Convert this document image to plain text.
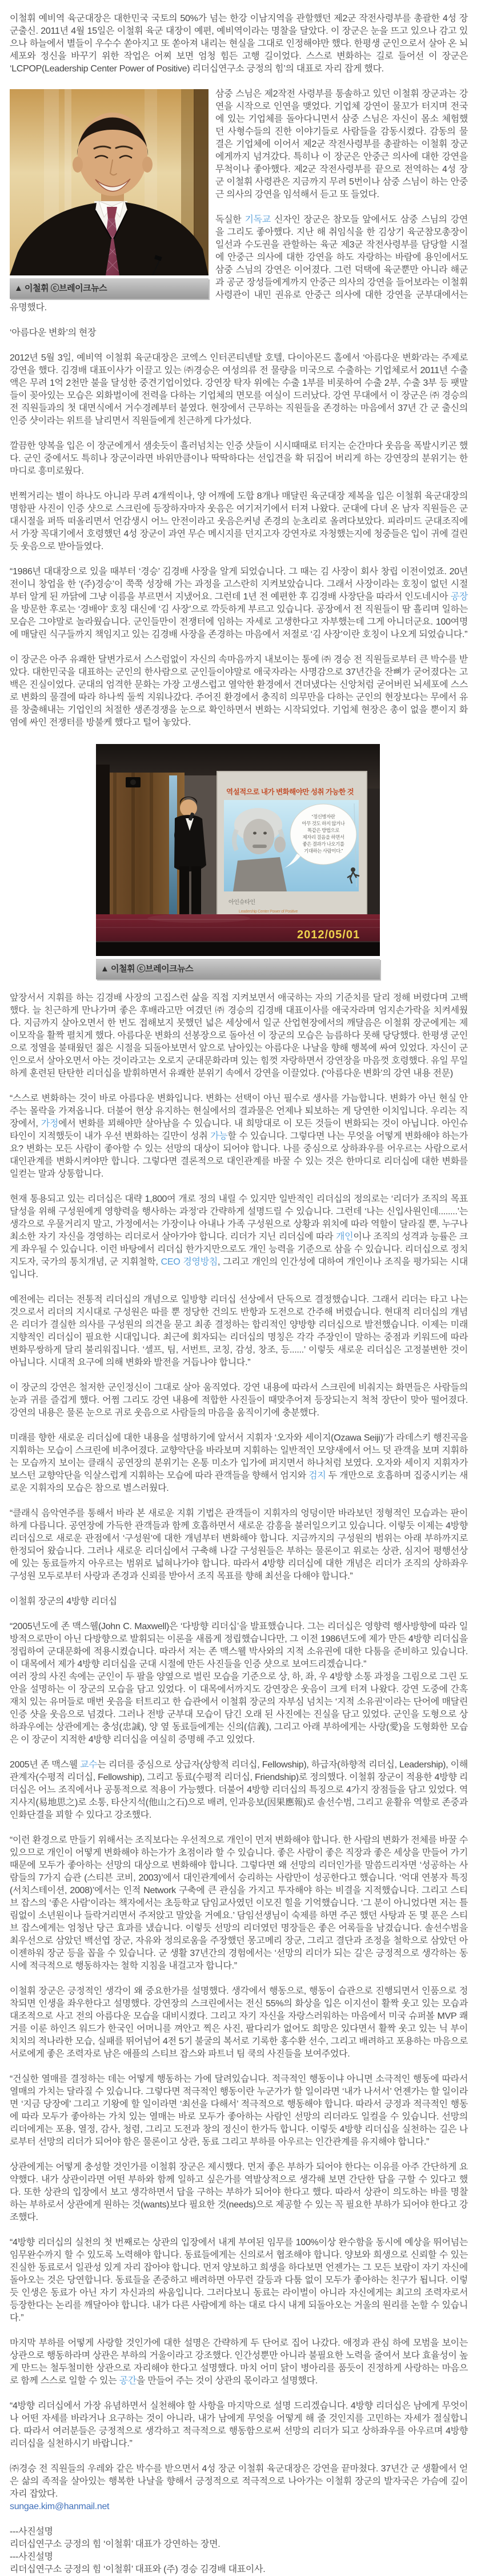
이철휘 예비역 육군대장은 대한민국 국토의 50%가 넘는 한강 이남지역을 관할했던 제2군 작전사령부를 총괄한 4성 장군출신. 2011년 4월 15일은 이철휘 육군 대장이 예편, 예비역이라는 명찰을 달았다. 이 장군은 눈을 뜨고 있으나 감고 있으나 하늘에서 별들이 우수수 쏟아지고 또 쏟아져 내리는 현실을 그대로 인정해야만 했다. 한평생 군인으로서 살아 온 뇌세포와 정신을 바꾸기 위한 작업은 어찌 보면 엄청 힘든 고행 길이었다. 스스로 변화하는 길로 들어선 이 장군은 ‘LCPOP(Leadership Center Power of Positive) 리더십연구소 긍정의 힘’의 대표로 자리 잡게 했다.

▲ 이철휘 ⓒ브레이크뉴스

삼중 스님은 제2작전 사령부를 통솔하고 있던 이철휘 장군과는 강연을 시작으로 인연을 맺었다. 기업체 강연이 물꼬가 터지며 전국에 있는 기업체를 돌아다니면서 삼중 스님은 자신이 몸소 체험했던 사형수들의 진한 이야기들로 사람들을 감동시켰다. 감동의 물결은 기업체에 이어서 제2군 작전사령부를 총괄하는 이철휘 장군에게까지 넘겨갔다. 특히나 이 장군은 안중근 의사에 대한 강연을 무척이나 좋아했다. 제2군 작전사령부를 끝으로 전역하는 4성 장군 이철휘 사령관은 지금까지 무려 5번이나 삼중 스님이 하는 안중근 의사의 강연을 임석해서 듣고 또 들었다.

독실한 기독교 신자인 장군은 참모들 앞에서도 삼중 스님의 강연을 그리도 좋아했다. 지난 해 취임식을 한 김상기 육군참모총장이 일선과 수도권을 관할하는 육군 제3군 작전사령부를 담당할 시절에 안중근 의사에 대한 강연을 하도 자랑하는 바람에 용인에서도 삼중 스님의 강연은 이어졌다. 그런 덕택에 육군뿐만 아니라 해군과 공군 장성들에게까지 안중근 의사의 강연을 들어보라는 이철휘 사령관이 내민 권유로 안중근 의사에 대한 강연을 군부대에서는 유명했다.

‘아름다운 변화’의 현장

2012년 5월 3일, 예비역 이철휘 육군대장은 코엑스 인터콘티넨탈 호텔, 다이아몬드 홀에서 ‘아름다운 변화’라는 주제로 강연을 했다. 김경배 대표이사가 이끌고 있는 ㈜경승은 여성의류 전 물량을 미국으로 수출하는 기업체로서 2011년 수출액은 무려 1억 2천만 불을 달성한 중견기업이었다. 강연장 탁자 위에는 수출 1부를 비롯하여 수출 2부, 수출 3부 등 팻말들이 꽂아있는 모습은 외화벌이에 전력을 다하는 기업체의 면모를 여실이 드러났다. 강연 무대에서 이 장군은 ㈜ 경승의 전 직원들과의 첫 대면식에서 거수경례부터 붙였다. 현장에서 근무하는 직원들을 존경하는 마음에서 37년 간 군 출신의 인증 샷이라는 위트를 날리면서 직원들에게 친근하게 다가섰다.

깔끔한 양복을 입은 이 장군에게서 샘솟듯이 흘러넘치는 인증 샷들이 시시때때로 터지는 순간마다 웃음을 폭발시키곤 했다. 군인 중에서도 특히나 장군이라면 바위만큼이나 딱딱하다는 선입견을 확 뒤집어 버리게 하는 강연장의 분위기는 한마디로 흥미로웠다.

번쩍거리는 별이 하나도 아니라 무려 4개씩이나, 양 어깨에 도합 8개나 매달린 육군대장 제복을 입은 이철휘 육군대장의 명함판 사진이 인증 샷으로 스크린에 등장하자마자 웃음은 여기저기에서 터져 나왔다. 군대에 다녀 온 남자 직원들은 군대시절을 퍼뜩 떠올리면서 언감생시 어느 안전이라고 웃음은커녕 존경의 눈초리로 올려다보았다. 피라미드 군대조직에서 가장 꼭대기에서 호령했던 4성 장군이 과연 무슨 메시지를 던지고자 강연자로 자청했는지에 청중들은 입이 귀에 걸린 듯 웃음으로 받아들였다.

“1986년 대대장으로 있을 때부터 ‘경승’ 김경배 사장을 알게 되었습니다. 그 때는 김 사장이 회사 창립 이전이었죠. 20년 전이니 창업을 한 ‘(주)경승’이 쭉쭉 성장해 가는 과정을 고스란히 지켜보았습니다. 그래서 사장이라는 호칭이 없던 시절부터 알게 된 까닭에 그냥 이름을 부르면서 지냈어요. 그런데 1년 전 예편한 후 김경배 사장단을 따라서 인도네시아 공장을 방문한 후로는 ‘경배야’ 호칭 대신에 ‘김 사장’으로 깍듯하게 부르고 있습니다. 공장에서 전 직원들이 땀 흘리며 일하는 모습은 그야말로 놀라웠습니다. 군인들만이 전쟁터에 임하는 자세로 고생한다고 자부했는데 그게 아니더군요. 100여명에 매달린 식구들까지 책임지고 있는 김경배 사장을 존경하는 마음에서 저절로 ‘김 사장’이란 호칭이 나오게 되었습니다.”

이 장군은 아주 유쾌한 달변가로서 스스럼없이 자신의 속마음까지 내보이는 통에 ㈜ 경승 전 직원들로부터 큰 박수를 받았다. 대한민국을 대표하는 군인의 한사람으로 군인들이야말로 애국자라는 사명감으로 37년간을 잔뼈가 굳어졌다는 고백은 진실이었다. 군대의 엄격한 문화는 가장 고생스럽고 열악한 환경에서 견뎌냈다는 신앙처럼 굳어버린 뇌세포에 스스로 변화의 물결에 따라 하나씩 둘씩 지워나갔다. 주어진 환경에서 충직히 의무만을 다하는 군인의 현장보다는 무에서 유를 창출해내는 기업인의 처절한 생존경쟁을 눈으로 확인하면서 변화는 시작되었다. 기업체 현장은 총이 없을 뿐이지 화염에 싸인 전쟁터를 방불케 했다고 털어 놓았다.

역설적으로 내가 변화해야만 성취 가능한 것
“정신병자란
아무 것도 하지 않거나
똑같은 방법으로
제자리 걸음을 하면서
좋은 결과가 나오기를
기대하는 사람이다.”
아인슈타인
Leadership Center Power of Positive
2012/05/01
▲ 이철휘 ⓒ브레이크뉴스

앞장서서 지휘를 하는 김경배 사장의 고집스런 삶을 직접 지켜보면서 애국하는 자의 기준치를 달리 정해 버렸다며 고백했다. 늘 친근하게 만나가며 좋은 후배라고만 여겼던 ㈜ 경승의 김경배 대표이사를 애국자라며 엄지손가락을 치켜세웠다. 지금까지 살아오면서 한 번도 접해보지 못했던 넓은 세상에서 일군 산업현장에서의 깨달음은 이철휘 장군에게는 제 이모작을 활짝 펼치게 했다. 아름다운 변화의 선봉장으로 돌아선 이 장군의 모습은 늠름하다 못해 당당했다. 한평생 군인으로 정열을 불태웠던 젊은 시절을 되돌아보면서 앞으로 남아있는 아름다운 나날을 향해 행복에 싸여 있었다. 자신이 군인으로서 살아오면서 아는 것이라고는 오로지 군대문화라며 있는 힘껏 자랑하면서 강연장을 마음껏 호령했다. 유일 무일하게 훈련된 탄탄한 리더십을 발휘하면서 유쾌한 분위기 속에서 강연을 이끌었다. (‘아름다운 변화’의 강연 내용 전문)

“스스로 변화하는 것이 바로 아름다운 변화입니다. 변화는 선택이 아닌 필수로 생사를 가늠합니다. 변화가 아닌 현실 안주는 몰락을 가져옵니다. 더불어 현상 유지하는 현실에서의 결과물은 언제나 퇴보하는 게 당연한 이치입니다. 우리는 직장에서, 가정에서 변화를 꾀해야만 살아남을 수 있습니다. 내 희망대로 이 모든 것들이 변화되는 것이 아닙니다. 아인슈타인이 지적했듯이 내가 우선 변화하는 길만이 성취 가능할 수 있습니다. 그렇다면 나는 무엇을 어떻게 변화해야 하는가요? 변화는 모든 사람이 좋아할 수 있는 선망의 대상이 되어야 합니다. 나를 중심으로 상하좌우를 어우르는 사람으로서 대인관계를 변화시켜야만 합니다. 그렇다면 결론적으로 대인관계를 바꿀 수 있는 것은 한마디로 리더십에 대한 변화를 일컫는 말과 상통합니다.

현재 통용되고 있는 리더십은 대략 1,800여 개로 정의 내릴 수 있지만 일반적인 리더십의 정의로는 ‘리더가 조직의 목표달성을 위해 구성원에게 영향력을 행사하는 과정’라 간략하게 설명드릴 수 있습니다. 그런데 ‘나는 신입사원인데........’는 생각으로 우물거리지 말고, 가정에서는 가장이나 아내나 가족 구성원으로 상황과 위치에 따라 역할이 달라질 뿐, 누구나 최소한 자기 자신을 경영하는 리더로서 살아가야 합니다. 리더가 지닌 리더십에 따라 개인이나 조직의 성격과 능률은 크게 좌우될 수 있습니다. 이런 바탕에서 리더십 한가지만으로도 개인 능력을 기준으로 삼을 수 있습니다. 리더십으로 정치 지도자, 국가의 통치개념, 군 지휘철학, CEO 경영방침, 그리고 개인의 인간성에 대하여 개인이나 조직을 평가되는 시대입니다.

예전에는 리더는 전통적 리더십의 개념으로 일방향 리더십 선상에서 단독으로 결정했습니다. 그래서 리더는 타고 나는 것으로서 리더의 지시대로 구성원은 따를 뿐 정당한 건의도 반항과 도전으로 간주해 버렸습니다. 현대적 리더십의 개념은 리더가 결실한 의사를 구성원의 의견을 묻고 최종 결정하는 합리적인 양방향 리더십으로 발전했습니다. 이제는 미래지향적인 리더십이 필요한 시대입니다. 최근에 회자되는 리더십의 명칭은 각각 주장인이 말하는 중점과 키워드에 따라 변화무쌍하게 달리 불리워집니다. ‘셀프, 팀, 서번트, 코칭, 감성, 창조, 등......’ 이렇듯 새로운 리더십은 고정불변한 것이 아닙니다. 시대적 요구에 의해 변화와 발전을 거듭나야 합니다.”

이 장군의 강연은 철저한 군인정신이 그대로 살아 움직였다. 강연 내용에 따라서 스크린에 비춰지는 화면들은 사람들의 눈과 귀를 즐겁게 했다. 어쩜 그리도 강연 내용에 적합한 사진들이 때맞추어져 등장되는지 척척 장단이 맞아 떨어졌다. 강연의 내용은 물론 눈으로 귀로 웃음으로 사람들의 마음을 움직이기에 충분했다.

미래를 향한 새로운 리더십에 대한 내용을 설명하기에 앞서서 지휘자 ‘오자와 세이지(Ozawa Seiji)’가 라데스키 행진곡을 지휘하는 모습이 스크린에 비추어졌다. 교향악단을 바라보며 지휘하는 일반적인 모양새에서 어느 덧 관객을 보며 지휘하는 모습까지 보이는 클래식 공연장의 분위기는 온통 미소가 입가에 퍼지면서 하나처럼 보였다. 오자와 세이지 지휘자가 보스턴 교향악단을 익살스럽게 지휘하는 모습에 따라 관객들을 향해서 엄지와 검지 두 개만으로 호흡하며 집중시키는 새로운 지휘자의 모습은 참으로 별스러웠다.

“클래식 음악연주를 통해서 바라 본 새로운 지휘 기법은 관객들이 지휘자의 엉덩이만 바라보던 정형적인 모습과는 판이하게 다릅니다. 공연장에 가득한 관객들과 함께 호흡하면서 새로운 감흥을 불러일으키고 있습니다. 이렇듯 이제는 4방향 리더십으로 새로운 관점에서 ‘구성원’에 대한 개념부터 변화해야 합니다. 지금까지의 구성원의 범위는 아래 부하까지로 한정되어 왔습니다. 그러나 새로운 리더십에서 구축해 나갈 구성원들은 부하는 물론이고 위로는 상관, 심지어 평행선상에 있는 동료들까지 아우르는 범위로 넓혀나가야 합니다. 따라서 4방향 리더십에 대한 개념은 리더가 조직의 상하좌우 구성원 모두로부터 사랑과 존경과 신뢰를 받아서 조직 목표를 향해 최선을 다해야 합니다.”

이철휘 장군의 4방향 리더십

“2005년도에 존 맥스웰(John C. Maxwell)은 ‘다방향 리더십’을 발표했습니다. 그는 리더십은 영향력 행사방향에 따라 일방적으로만이 아닌 다방향으로 발휘되는 이론을 새롭게 정립했습니다만, 그 이전 1986년도에 제가 만든 4방향 리더십을 정립하여 군대문화에 적용시켰습니다. 따라서 저는 존 맥스웰 박사와의 지적 소유권에 대한 다툼을 준비하고 있습니다. 이 대목에서 제가 4방향 리더십을 군대 시절에 만든 사진들을 인증 샷으로 보여드리겠습니다.”
여러 장의 사진 속에는 군인이 두 팔을 양옆으로 벌린 모습을 기준으로 상, 하, 좌, 우 4방향 소통 과정을 그림으로 그린 도안을 설명하는 이 장군의 모습을 담고 있었다. 이 대목에서까지도 강연장은 웃음이 크게 터져 나왔다. 강연 도중에 간혹 재치 있는 유머들로 매번 웃음을 터트리고 한 습관에서 이철휘 장군의 자부심 넘치는 ‘지적 소유권’이라는 단어에 매달린 인증 샷을 웃음으로 넘겼다. 그러나 전방 군부대 모습이 담긴 오래 된 사진에는 진실을 담고 있었다. 군인을 도형으로 상하좌우에는 상관에게는 충성(忠誠), 양 옆 동료들에게는 신의(信義), 그리고 아래 부하에게는 사랑(愛)을 도형화한 모습은 이 장군이 지적한 4방향 리더십을 여실히 증명해 주고 있었다.

2005년 존 맥스웰 교수는 리더를 중심으로 상급자(상향적 리더십, Fellowship), 하급자(하향적 리더십, Leadership), 이해관계자(수평적 리더십, Fellowship), 그리고 동료(수평적 리더십, Friendship)로 정의했다. 이철휘 장군이 적용한 4방향 리더십은 어느 조직에서나 공통적으로 적용이 가능했다. 더불어 4방향 리더십의 특징으로 4가지 장점들을 담고 있었다. 역지사지(易地思之)로 소통, 타산지석(他山之石)으로 배려, 인과응보(因果應報)로 솔선수범, 그리고 윤활유 역할로 존중과 인화단결을 꾀할 수 있다고 강조했다.

“이런 환경으로 만들기 위해서는 조직보다는 우선적으로 개인이 먼저 변화해야 합니다. 한 사람의 변화가 전체를 바꿀 수 있으므로 개인이 어떻게 변화해야 하는가가 초점이라 할 수 있습니다. 좋은 사람이 좋은 직장과 좋은 세상을 만들어 가기 때문에 모두가 좋아하는 선망의 대상으로 변화해야 합니다. 그렇다면 왜 선망의 리더인가를 말씀드리자면 ‘성공하는 사람들의 7가지 습관 (스티븐 코비, 2003)’에서 대인관계에서 승리하는 사람만이 성공한다고 했습니다. ‘억대 연봉자 특징(서치스테이션, 2008)’에서는 인적 Network 구축에 큰 관심을 가지고 투자해야 하는 비결을 지적했습니다. 그리고 스티브 잡스의 ‘좋은 사람’이라는 책자에서는 초등학교 담임교사였던 이모진 힐을 기억했습니다. ‘그 분이 아니었다면 저는 틀림없이 소년원이나 들락거리면서 주저앉고 말았을 거예요.’ 담임선생님이 숙제를 하면 주곤 했던 사탕과 돈 몇 푼은 스티브 잡스에게는 엄청난 당근 효과를 냈습니다. 이렇듯 선망의 리더였던 명장들은 좋은 어록들을 남겼습니다. 솔선수범을 최우선으로 삼았던 백선엽 장군, 자유와 정의로움을 주장했던 몽고메리 장군, 그리고 결단과 조정을 철학으로 삼았던 아이젠하워 장군 등을 꼽을 수 있습니다. 군 생활 37년간의 경험에서는 ‘선망의 리더가 되는 길’은 긍정적으로 생각하는 동시에 적극적으로 행동하자는 철학 지침을 내걸고자 합니다.”

이철휘 장군은 긍정적인 생각이 왜 중요한가를 설명했다. 생각에서 행동으로, 행동이 습관으로 진행되면서 인품으로 정착되면 인생을 좌우한다고 설명했다. 강연장의 스크린에서는 전신 55%의 화상을 입은 이지선이 활짝 웃고 있는 모습과 대조적으로 사고 전의 아름다운 모습을 대비시켰다. 그리고 자기 자신을 자랑스러워하는 마음에서 미국 슈퍼볼 MVP 쾌거를 이룬 하인즈 워드가 한국인 어머니를 껴안고 찍은 사진, 팔다리가 없어도 희망은 있다면서 활짝 웃고 있는 닉 부이치치의 적나라한 모습, 실패를 뛰어넘어 4전 5기 불굴의 복서로 기록한 홍수환 선수, 그리고 배려하고 포용하는 마음으로 서로에게 좋은 조력자로 남은 애플의 스티브 잡스와 파트너 팀 쿡의 사진들을 보여주었다.

“건실한 열매를 결정하는 데는 어떻게 행동하는 가에 달려있습니다. 적극적인 행동이냐 아니면 소극적인 행동에 따라서 열매의 가치는 달라질 수 있습니다. 그렇다면 적극적인 행동이란 누군가가 할 일이라면 ‘내가 나서서’ 언젠가는 할 일이라면 ‘지금 당장에’ 그리고 기왕에 할 일이라면 ‘최선을 다해서’ 적극적으로 행동해야 합니다. 따라서 긍정과 적극적인 행동에 따라 모두가 좋아하는 가치 있는 열매는 바로 모두가 좋아하는 사람인 선망의 리더라도 일컬을 수 있습니다. 선망의 리더에게는 포용, 열정, 감사, 청렴, 그리고 도전과 창의 정신이 한가득 합니다. 이렇듯 4방향 리더십을 실천하는 길은 나로부터 선망의 리더가 되어야 함은 물론이고 상관, 동료 그리고 부하를 아우르는 인간관계를 유지해야 합니다.”

상관에게는 어떻게 충성할 것인가를 이철휘 장군은 제시했다. 먼저 좋은 부하가 되어야 한다는 이유를 아주 간단하게 요약했다. 내가 상관이라면 어떤 부하와 함께 일하고 싶은가를 역발상적으로 생각해 보면 간단한 답을 구할 수 있다고 했다. 또한 상관의 입장에서 보고 생각하면서 답을 구하는 부하가 되어야 한다고 했다. 따라서 상관이 의도하는 바를 명찰하는 부하로서 상관에게 원하는 것(wants)보다 필요한 것(needs)으로 제공할 수 있는 꼭 필요한 부하가 되어야 한다고 강조했다.

“4방향 리더십의 실천의 첫 번째로는 상관의 입장에서 내게 부여된 임무를 100%이상 완수함을 동시에 예상을 뛰어넘는 임무완수까지 할 수 있도록 노력해야 합니다. 동료들에게는 신의로서 협조해야 합니다. 양보와 희생으로 신뢰할 수 있는 진실한 동료로서 일관성 있게 자리 잡아야 합니다. 먼저 양보하고 희생을 하다보면 언젠가는 그 모든 보람이 자기 자신에 돌아오는 것은 당연합니다. 동료들을 존중하고 배려하면 아무런 갈등과 다툼 없이 모두가 좋아하는 친구가 됩니다. 이렇듯 인생은 동료가 아닌 자기 자신과의 싸움입니다. 그러다보니 동료는 라이벌이 아니라 자신에게는 최고의 조력자로서 등장한다는 논리를 깨달아야 합니다. 내가 다른 사람에게 하는 대로 다시 내게 되돌아오는 거울의 원리를 논할 수 있습니다.”

마지막 부하를 어떻게 사랑할 것인가에 대한 설명은 간략하게 두 단어로 집어 나갔다. 애정과 관심 하에 모범을 보이는 상관으로 행동하라며 상관은 부하의 거울이라고 강조했다. 인간성뿐만 아니라 불필요한 노력을 줄여서 보다 효율성이 높게 만드는 철두철미한 상관으로 자리해야 한다고 설명했다. 마치 어미 닭이 병아리를 품듯이 진정하게 사랑하는 마음으로 함께 스스로 일할 수 있는 공간을 만들어 주는 것이 상관의 몫이라고 설명했다.

“4방향 리더십에서 가장 유념하면서 실천해야 할 사항을 마지막으로 설명 드리겠습니다. 4방향 리더십은 남에게 무엇이나 어떤 자세를 바라거나 요구하는 것이 아니라, 내가 남에게 무엇을 어떻게 해 줄 것인지를 고민하는 자세가 절실합니다. 따라서 여러분들은 긍정적으로 생각하고 적극적으로 행동함으로써 선망의 리더가 되고 상하좌우를 아우르며 4방향 리더십을 실천하시기 바랍니다.”

㈜경승 전 직원들의 우레와 같은 박수를 받으면서 4성 장군 이철휘 육군대장은 강연을 끝마쳤다. 37년간 군 생활에서 얻은 삶의 족적을 살아있는 행복한 나날을 향해서 긍정적으로 적극적으로 나아가는 이철휘 장군의 발자국은 가슴에 깊이 자리 잡았다.
sungae.kim@hanmail.net

---사진설명
리더십연구소 긍정의 힘 ‘이철휘’ 대표가 강연하는 장면.
---사진설명
리더십연구소 긍정의 힘 ‘이철휘’ 대표와 (주) 경승 김경배 대표이사.
